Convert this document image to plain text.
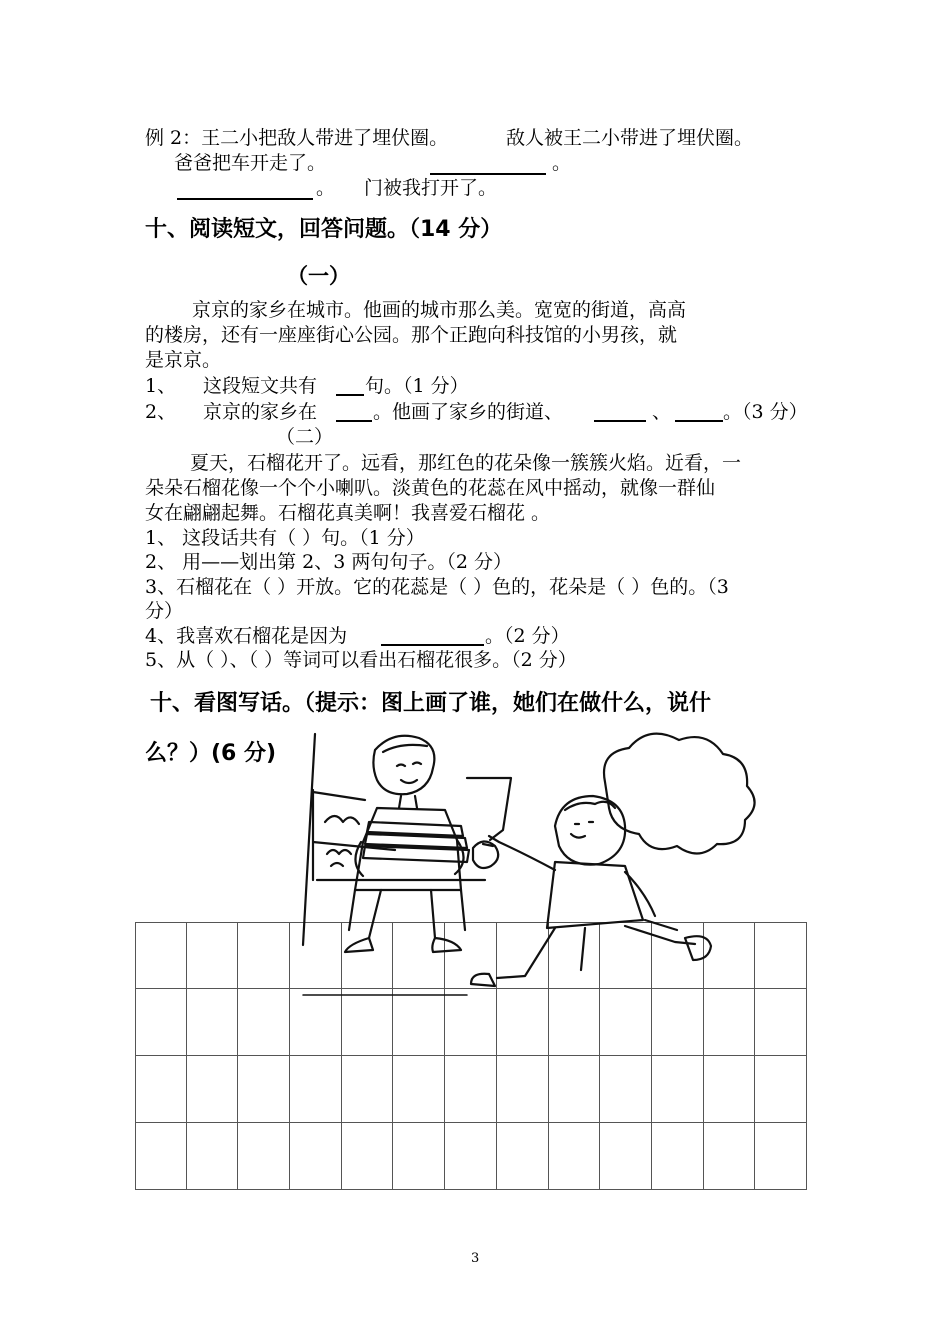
例 2：王二小把敌人带进了埋伏圈。	敌人被王二小带进了埋伏圈。
爸爸把车开走了。	。
。 门被我打开了。
十、阅读短文，回答问题。（14 分）
（一）
京京的家乡在城市。他画的城市那么美。宽宽的街道，高高
的楼房，还有一座座街心公园。那个正跑向科技馆的小男孩，就
是京京。
1、 这段短文共有	句。（1 分）
2、 京京的家乡在	。他画了家乡的街道、	、	。（3 分）
（二）
夏天，石榴花开了。远看，那红色的花朵像一簇簇火焰。近看，一
朵朵石榴花像一个个小喇叭。淡黄色的花蕊在风中摇动，就像一群仙
女在翩翩起舞。石榴花真美啊！我喜爱石榴花 。
1、 这段话共有（ ）句。（1 分）
2、 用——划出第 2、3 两句句子。（2 分）
3、石榴花在（ ）开放。它的花蕊是（ ）色的，花朵是（ ）色的。（3
分）
4、我喜欢石榴花是因为	。（2 分）
5、从（ ）、（ ）等词可以看出石榴花很多。（2 分）
十、看图写话。（提示：图上画了谁，她们在做什么，说什
么？）(6 分)
3
